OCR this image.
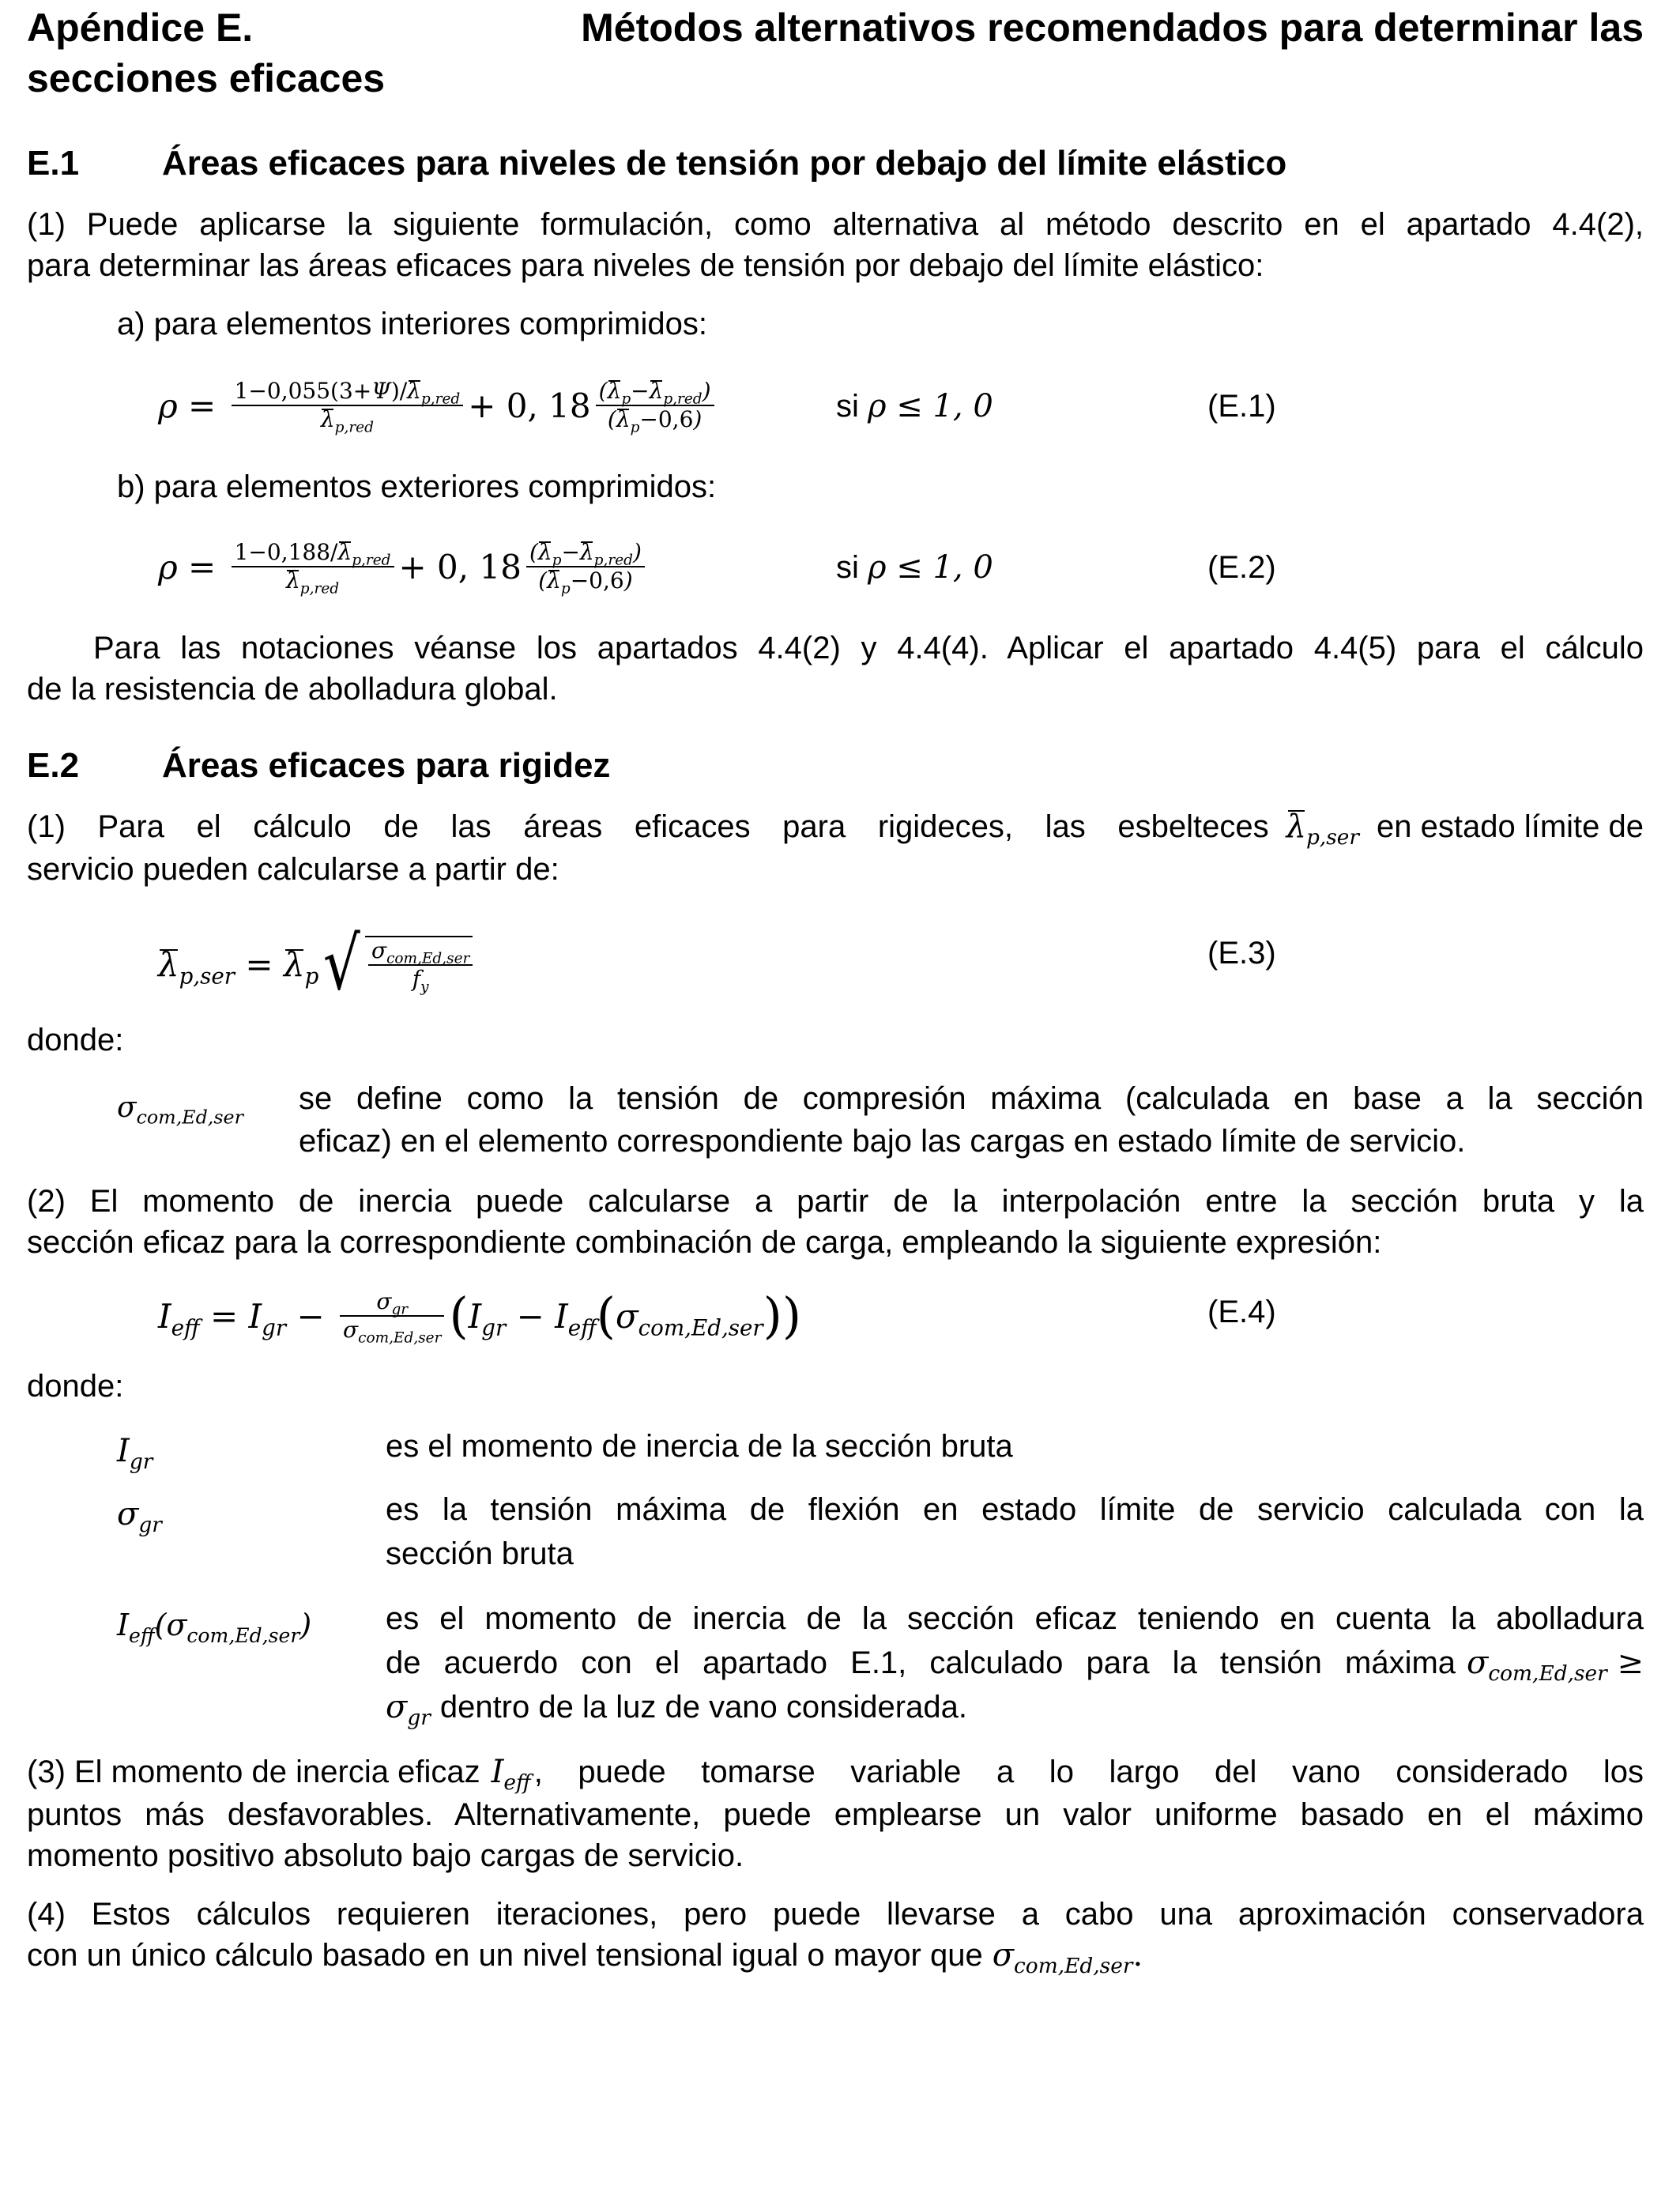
Apéndice E.	Métodos alternativos recomendados para determinar las
secciones eficaces
E.1 Áreas eficaces para niveles de tensión por debajo del límite elástico
(1) Puede aplicarse la siguiente formulación, como alternativa al método descrito en el apartado 4.4(2),
para determinar las áreas eficaces para niveles de tensión por debajo del límite elástico:
a) para elementos interiores comprimidos:
$\rho = \frac{1-0,055(3+\Psi)/\lambda_{p,red}}{\lambda_{p,red}} + 0$, $18 \frac{(\lambda_p-\lambda_{p,red})}{(\lambda_p-0,6)}$	si ρ ≤ 1, 0	(E.1)
b) para elementos exteriores comprimidos:
$\rho = \frac{1-0,188/\lambda_{p,red}}{\lambda_{p,red}} + 0$, $18 \frac{(\lambda_p-\lambda_{p,red})}{(\lambda_p-0,6)}$	si ρ ≤ 1, 0	(E.2)
Para las notaciones véanse los apartados 4.4(2) y 4.4(4). Aplicar el apartado 4.4(5) para el cálculo
de la resistencia de abolladura global.
E.2 Áreas eficaces para rigidez
(1) Para el cálculo de las áreas eficaces para rigideces, las esbelteces $\lambda_{p,ser}$ en estado límite de
servicio pueden calcularse a partir de:
$\lambda_{p,ser} = \lambda_p$ √ $\frac{\sigma_{com,Ed,ser}}{f_y}$	(E.3)
donde:
$\sigma_{com,Ed,ser}$
se define como la tensión de compresión máxima (calculada en base a la sección
eficaz) en el elemento correspondiente bajo las cargas en estado límite de servicio.
(2) El momento de inercia puede calcularse a partir de la interpolación entre la sección bruta y la
sección eficaz para la correspondiente combinación de carga, empleando la siguiente expresión:
$I_{eff} = I_{gr} - \frac{\sigma_{gr}}{\sigma_{com,Ed,ser}}$ ( $I_{gr} - I_{eff}$ ( $\sigma_{com,Ed,ser}$ ))	(E.4)
donde:
$I_{gr}$	es el momento de inercia de la sección bruta
$\sigma_{gr}$	es la tensión máxima de flexión en estado límite de servicio calculada con la
sección bruta
$I_{eff}(\sigma_{com,Ed,ser})$ es el momento de inercia de la sección eficaz teniendo en cuenta la abolladura
de acuerdo con el apartado E.1, calculado para la tensión máxima $\sigma_{com,Ed,ser}$ ≥
$\sigma_{gr}$ dentro de la luz de vano considerada.
(3) El momento de inercia eficaz $I_{eff}$ , puede tomarse variable a lo largo del vano considerado los
puntos más desfavorables. Alternativamente, puede emplearse un valor uniforme basado en el máximo
momento positivo absoluto bajo cargas de servicio.
(4) Estos cálculos requieren iteraciones, pero puede llevarse a cabo una aproximación conservadora
con un único cálculo basado en un nivel tensional igual o mayor que $\sigma_{com,Ed,ser}$ .
